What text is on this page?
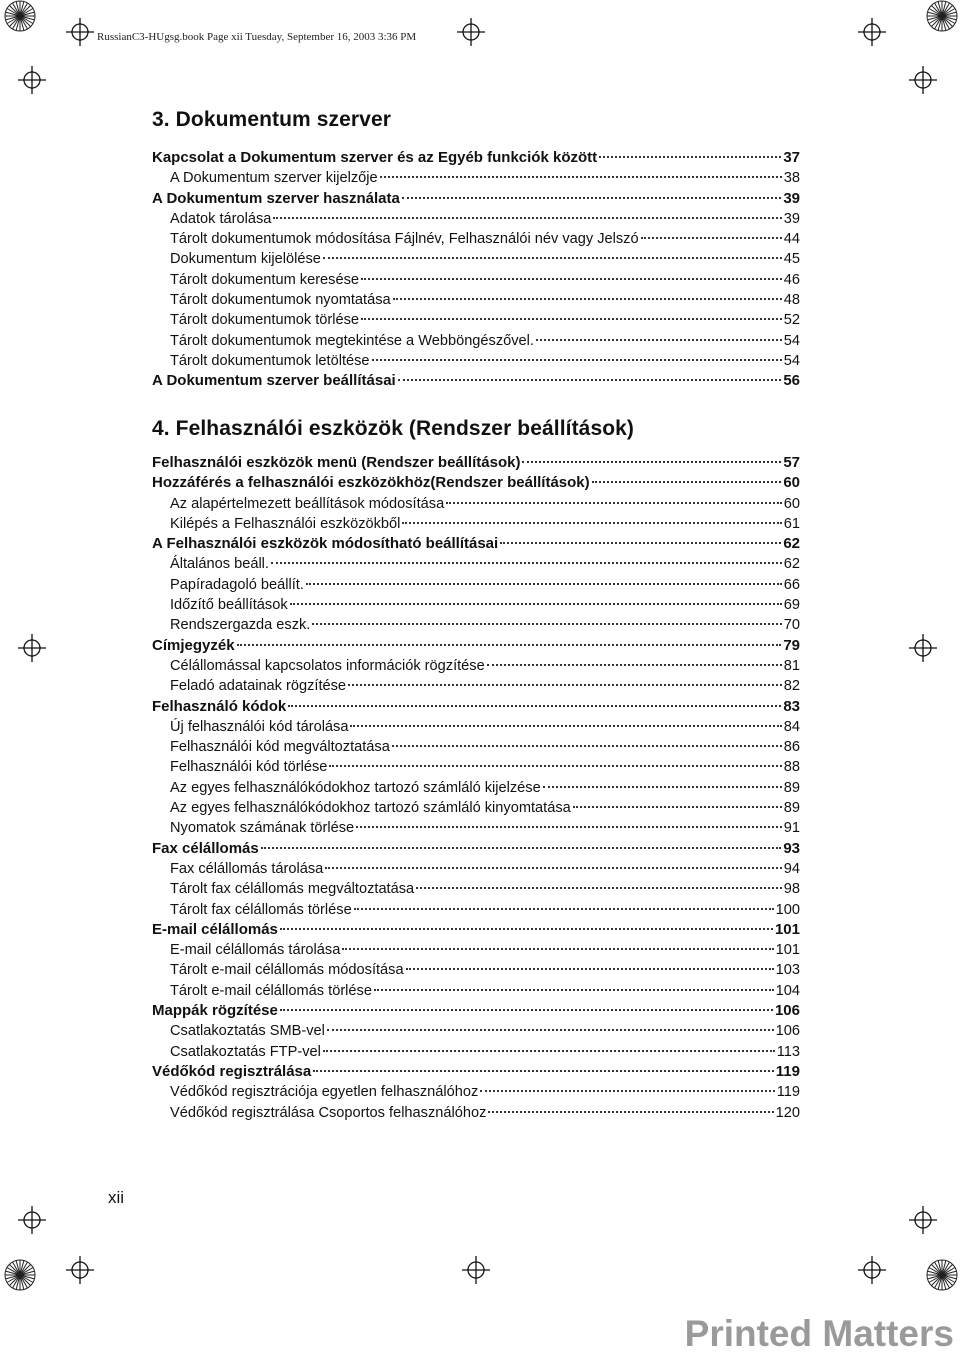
RussianC3-HUgsg.book Page xii Tuesday, September 16, 2003 3:36 PM
3. Dokumentum szerver
Kapcsolat a Dokumentum szerver és az Egyéb funkciók között	37
A Dokumentum szerver kijelzője	38
A Dokumentum szerver használata	39
Adatok tárolása	39
Tárolt dokumentumok módosítása Fájlnév, Felhasználói név vagy Jelszó	44
Dokumentum kijelölése	45
Tárolt dokumentum keresése	46
Tárolt dokumentumok nyomtatása	48
Tárolt dokumentumok törlése	52
Tárolt dokumentumok megtekintése a Webböngészővel.	54
Tárolt dokumentumok letöltése	54
A Dokumentum szerver beállításai	56
4. Felhasználói eszközök (Rendszer beállítások)
Felhasználói eszközök menü (Rendszer beállítások)	57
Hozzáférés a felhasználói eszközökhöz(Rendszer beállítások)	60
Az alapértelmezett beállítások módosítása	60
Kilépés a Felhasználói eszközökből	61
A Felhasználói eszközök módosítható beállításai	62
Általános beáll.	62
Papíradagoló beállít.	66
Időzítő beállítások	69
Rendszergazda eszk.	70
Címjegyzék	79
Célállomással kapcsolatos információk rögzítése	81
Feladó adatainak rögzítése	82
Felhasználó kódok	83
Új felhasználói kód tárolása	84
Felhasználói kód megváltoztatása	86
Felhasználói kód törlése	88
Az egyes felhasználókódokhoz tartozó számláló kijelzése	89
Az egyes felhasználókódokhoz tartozó számláló kinyomtatása	89
Nyomatok számának törlése	91
Fax célállomás	93
Fax célállomás tárolása	94
Tárolt fax célállomás megváltoztatása	98
Tárolt fax célállomás törlése	100
E-mail célállomás	101
E-mail célállomás tárolása	101
Tárolt e-mail célállomás módosítása	103
Tárolt e-mail célállomás törlése	104
Mappák rögzítése	106
Csatlakoztatás SMB-vel	106
Csatlakoztatás FTP-vel	113
Védőkód regisztrálása	119
Védőkód regisztrációja egyetlen felhasználóhoz	119
Védőkód regisztrálása Csoportos felhasználóhoz	120
xii
Printed Matters
